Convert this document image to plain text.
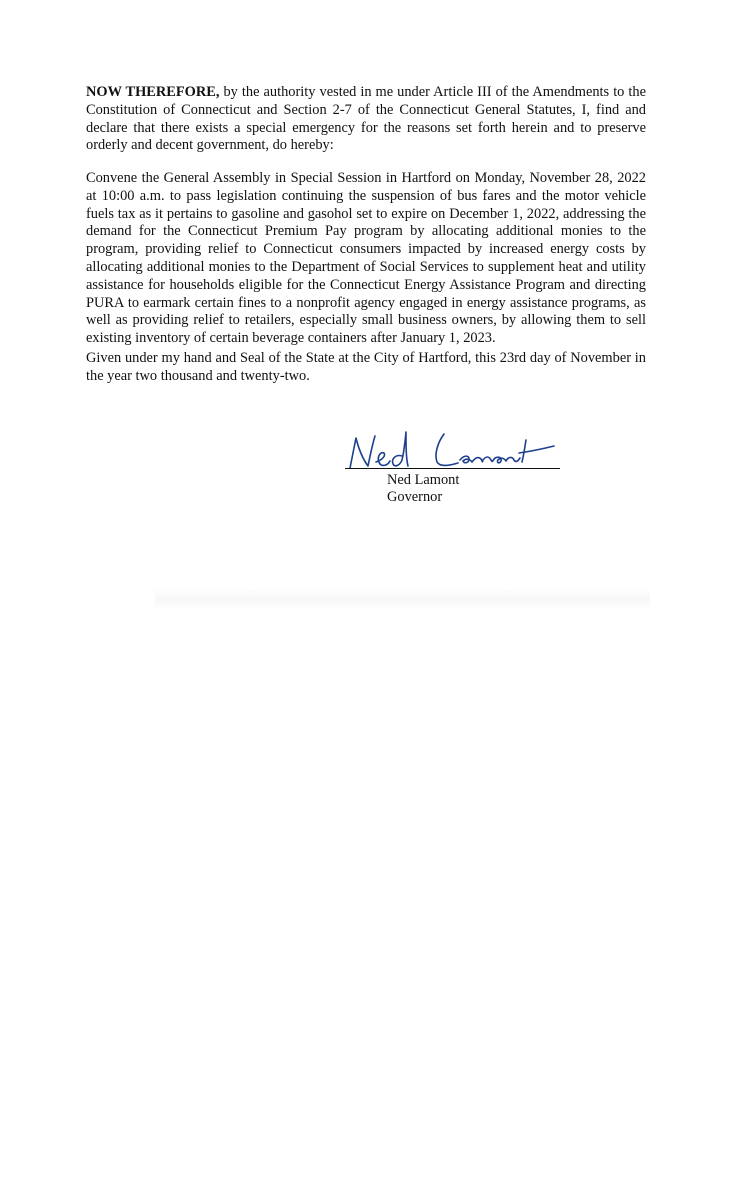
NOW THEREFORE, by the authority vested in me under Article III of the Amendments to the Constitution of Connecticut and Section 2-7 of the Connecticut General Statutes, I, find and declare that there exists a special emergency for the reasons set forth herein and to preserve orderly and decent government, do hereby:

Convene the General Assembly in Special Session in Hartford on Monday, November 28, 2022 at 10:00 a.m. to pass legislation continuing the suspension of bus fares and the motor vehicle fuels tax as it pertains to gasoline and gasohol set to expire on December 1, 2022, addressing the demand for the Connecticut Premium Pay program by allocating additional monies to the program, providing relief to Connecticut consumers impacted by increased energy costs by allocating additional monies to the Department of Social Services to supplement heat and utility assistance for households eligible for the Connecticut Energy Assistance Program and directing PURA to earmark certain fines to a nonprofit agency engaged in energy assistance programs, as well as providing relief to retailers, especially small business owners, by allowing them to sell existing inventory of certain beverage containers after January 1, 2023.

Given under my hand and Seal of the State at the City of Hartford, this 23rd day of November in the year two thousand and twenty-two.

Ned Lamont

Governor
